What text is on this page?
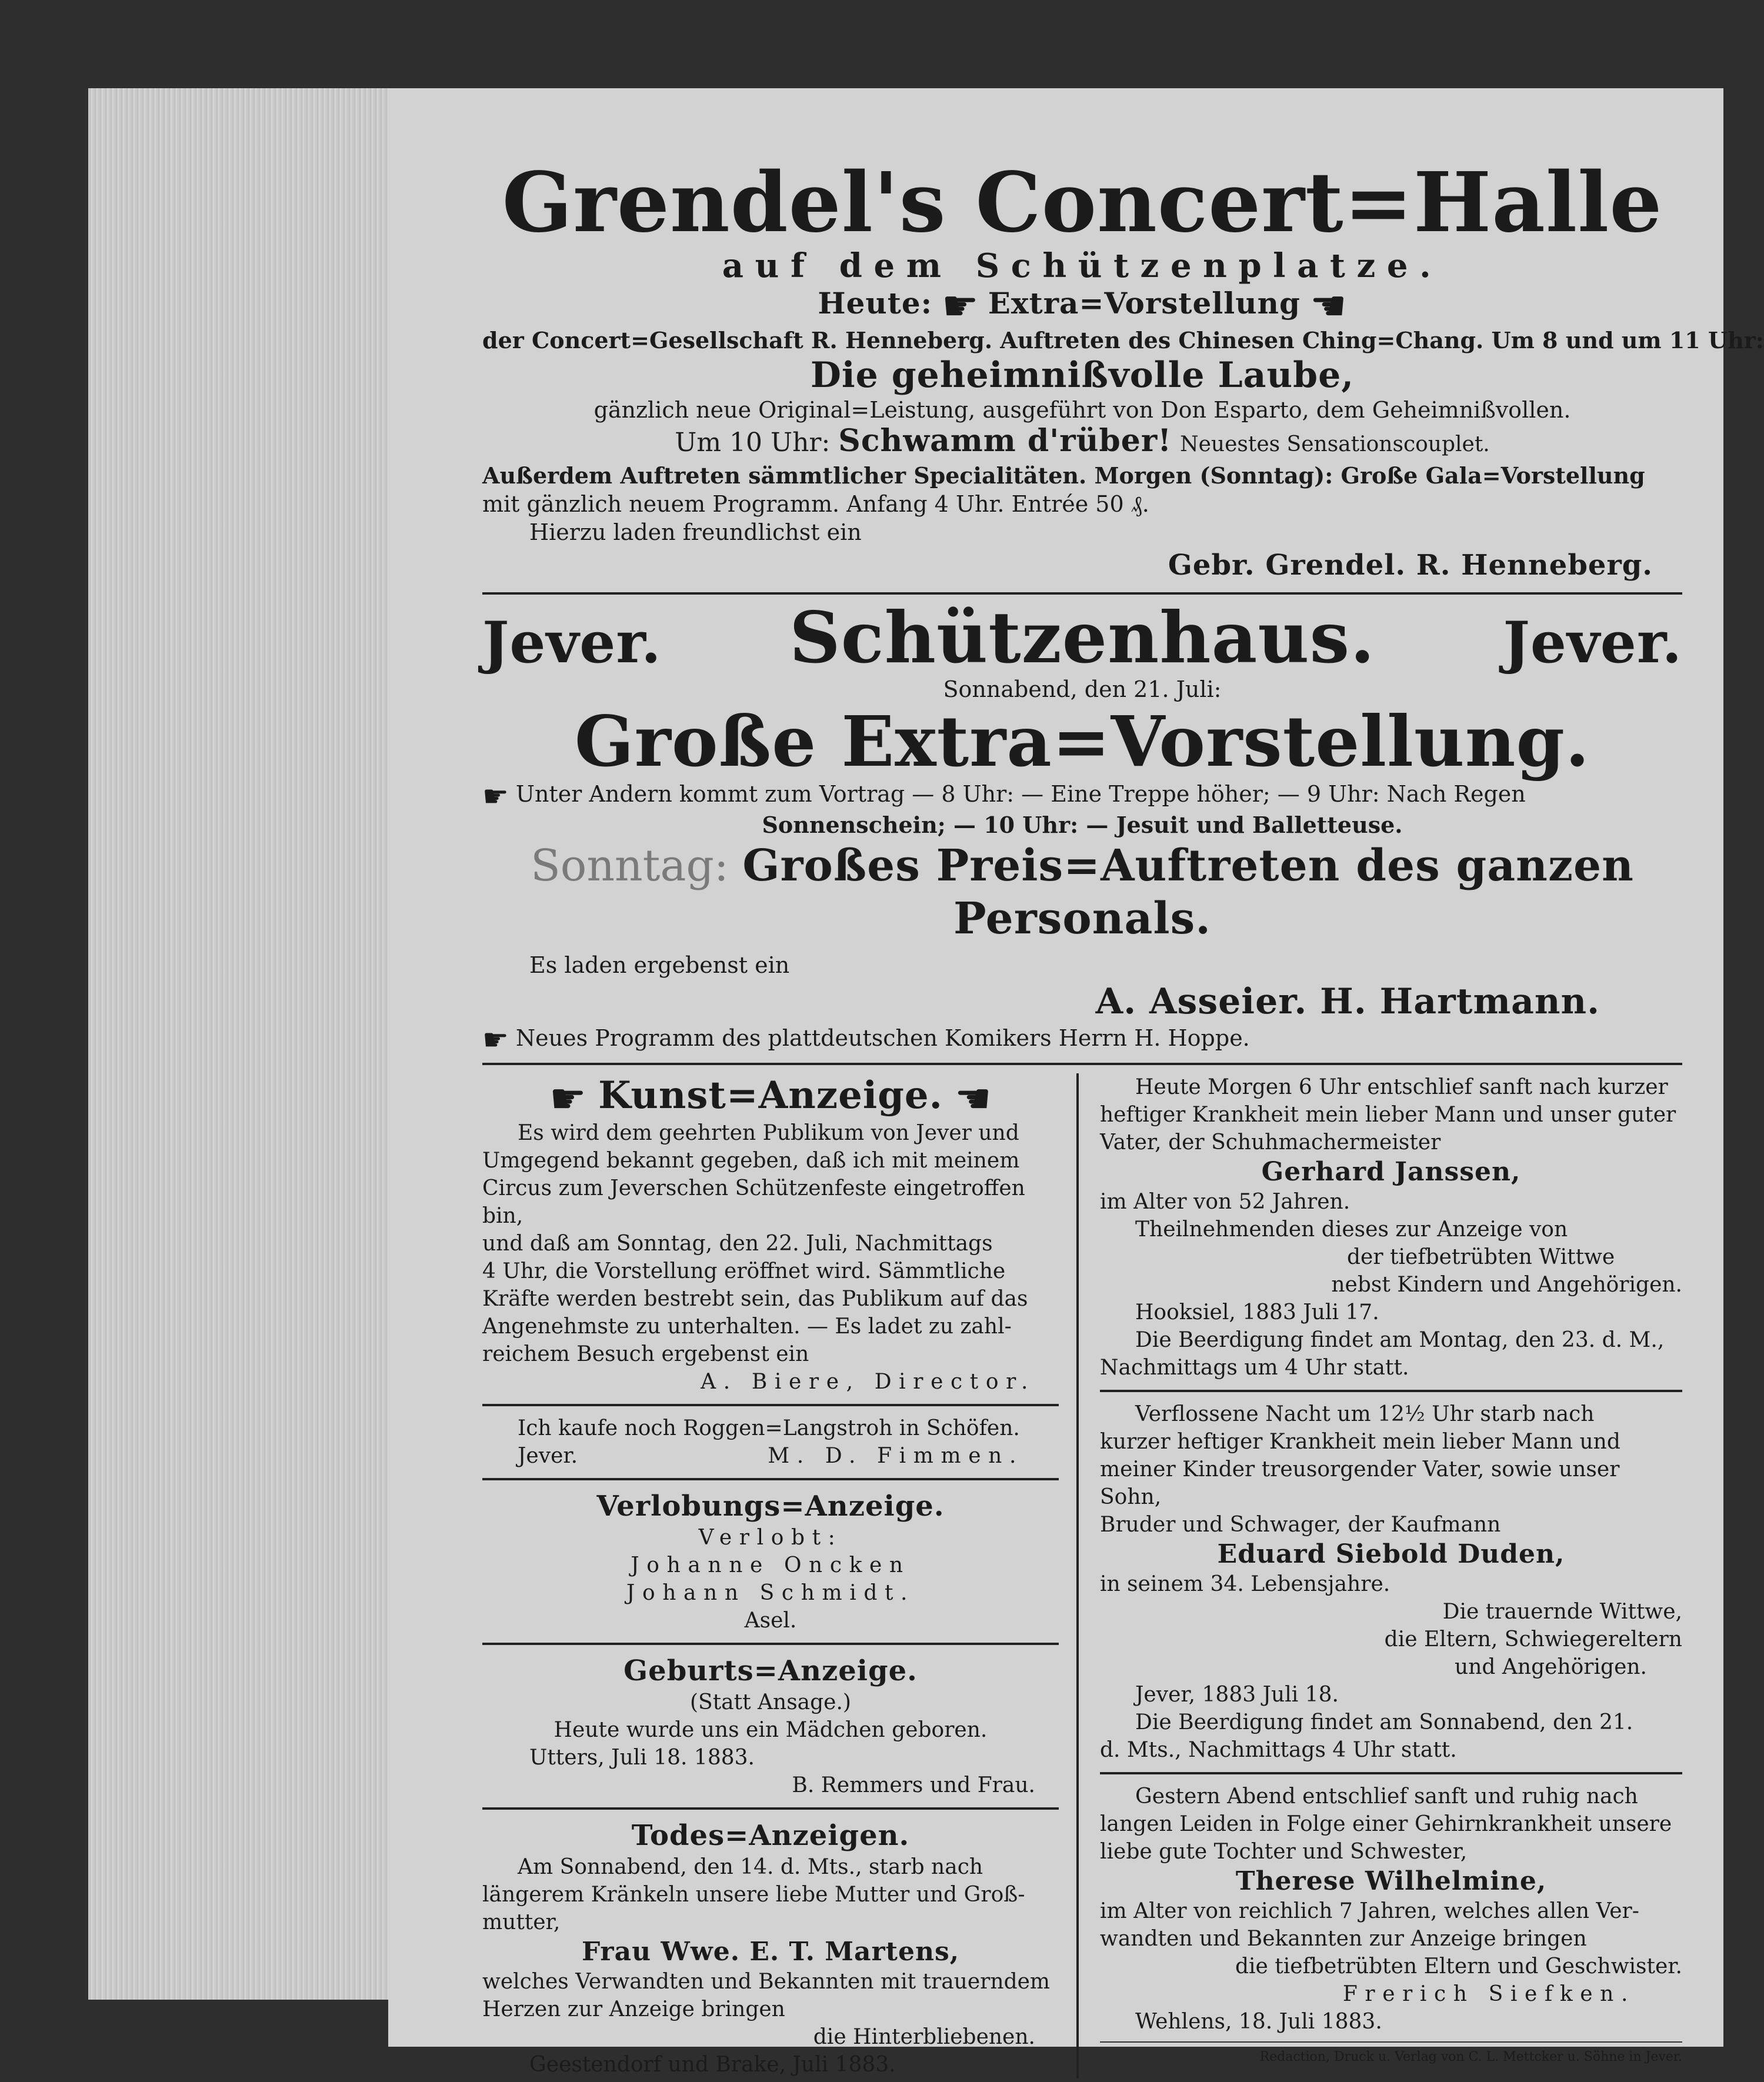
Grendel's Concert=Halle
auf dem Schützenplatze.
Heute: ☛ Extra=Vorstellung ☛
der Concert=Gesellschaft R. Henneberg. Auftreten des Chinesen Ching=Chang. Um 8 und um 11 Uhr:
Die geheimnißvolle Laube,
gänzlich neue Original=Leistung, ausgeführt von Don Esparto, dem Geheimnißvollen.
Um 10 Uhr: Schwamm d'rüber! Neuestes Sensationscouplet.
Außerdem Auftreten sämmtlicher Specialitäten. Morgen (Sonntag): Große Gala=Vorstellung
mit gänzlich neuem Programm. Anfang 4 Uhr. Entrée 50 ₰.
Hierzu laden freundlichst ein
Gebr. Grendel. R. Henneberg.
Jever. Schützenhaus. Jever.
Sonnabend, den 21. Juli:
Große Extra=Vorstellung.
☛ Unter Andern kommt zum Vortrag — 8 Uhr: — Eine Treppe höher; — 9 Uhr: Nach Regen
Sonnenschein; — 10 Uhr: — Jesuit und Balletteuse.
Sonntag: Großes Preis=Auftreten des ganzen
Personals.
Es laden ergebenst ein
A. Asseier. H. Hartmann.
☛ Neues Programm des plattdeutschen Komikers Herrn H. Hoppe.
☛ Kunst=Anzeige. ☛
Es wird dem geehrten Publikum von Jever und
Umgegend bekannt gegeben, daß ich mit meinem
Circus zum Jeverschen Schützenfeste eingetroffen bin,
und daß am Sonntag, den 22. Juli, Nachmittags
4 Uhr, die Vorstellung eröffnet wird. Sämmtliche
Kräfte werden bestrebt sein, das Publikum auf das
Angenehmste zu unterhalten. — Es ladet zu zahl-
reichem Besuch ergebenst ein
A. Biere, Director.
Ich kaufe noch Roggen=Langstroh in Schöfen.
Jever.	M. D. Fimmen.
Verlobungs=Anzeige.
Verlobt:
Johanne Oncken
Johann Schmidt.
Asel.
Geburts=Anzeige.
(Statt Ansage.)
Heute wurde uns ein Mädchen geboren.
Utters, Juli 18. 1883.
B. Remmers und Frau.
Todes=Anzeigen.
Am Sonnabend, den 14. d. Mts., starb nach
längerem Kränkeln unsere liebe Mutter und Groß-
mutter,
Frau Wwe. E. T. Martens,
welches Verwandten und Bekannten mit trauerndem
Herzen zur Anzeige bringen
die Hinterbliebenen.
Geestendorf und Brake, Juli 1883.
Heute Morgen 6 Uhr entschlief sanft nach kurzer
heftiger Krankheit mein lieber Mann und unser guter
Vater, der Schuhmachermeister
Gerhard Janssen,
im Alter von 52 Jahren.
Theilnehmenden dieses zur Anzeige von
der tiefbetrübten Wittwe
nebst Kindern und Angehörigen.
Hooksiel, 1883 Juli 17.
Die Beerdigung findet am Montag, den 23. d. M.,
Nachmittags um 4 Uhr statt.
Verflossene Nacht um 12½ Uhr starb nach
kurzer heftiger Krankheit mein lieber Mann und
meiner Kinder treusorgender Vater, sowie unser Sohn,
Bruder und Schwager, der Kaufmann
Eduard Siebold Duden,
in seinem 34. Lebensjahre.
Die trauernde Wittwe,
die Eltern, Schwiegereltern
und Angehörigen.
Jever, 1883 Juli 18.
Die Beerdigung findet am Sonnabend, den 21.
d. Mts., Nachmittags 4 Uhr statt.
Gestern Abend entschlief sanft und ruhig nach
langen Leiden in Folge einer Gehirnkrankheit unsere
liebe gute Tochter und Schwester,
Therese Wilhelmine,
im Alter von reichlich 7 Jahren, welches allen Ver-
wandten und Bekannten zur Anzeige bringen
die tiefbetrübten Eltern und Geschwister.
Frerich Siefken.
Wehlens, 18. Juli 1883.
Redaction, Druck u. Verlag von C. L. Mettcker u. Söhne in Jever.
